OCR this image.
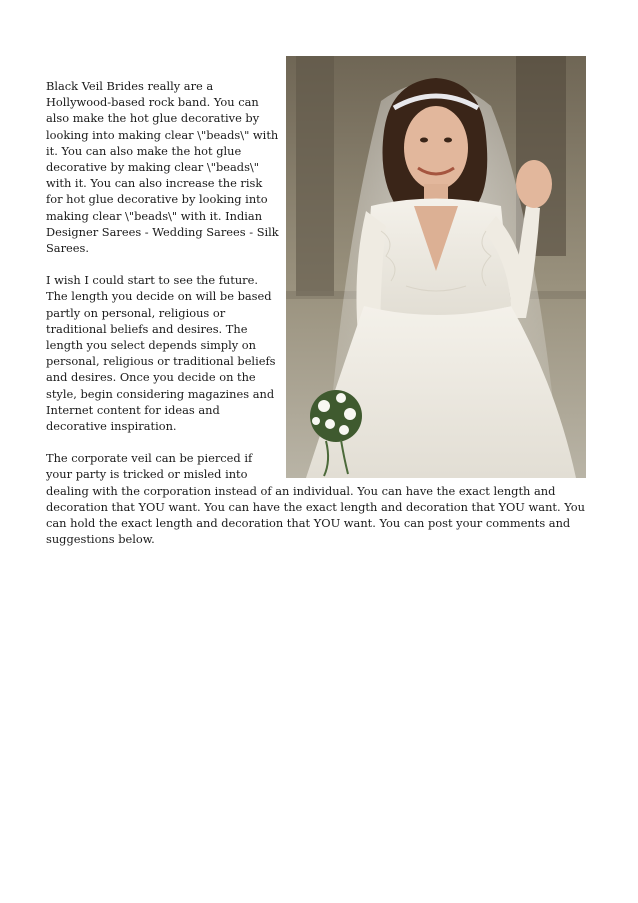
Black Veil Brides really are a Hollywood-based rock band. You can also make the hot glue decorative by looking into making clear \"beads\" with it. You can also make the hot glue decorative by making clear \"beads\" with it. You can also increase the risk for hot glue decorative by looking into making clear \"beads\" with it. Indian Designer Sarees - Wedding Sarees - Silk Sarees.

I wish I could start to see the future. The length you decide on will be based partly on personal, religious or traditional beliefs and desires. The length you select depends simply on personal, religious or traditional beliefs and desires. Once you decide on the style, begin considering magazines and Internet content for ideas and decorative inspiration.

The corporate veil can be pierced if your party is tricked or misled into dealing with the corporation instead of an individual. You can have the exact length and decoration that YOU want. You can have the exact length and decoration that YOU want. You can hold the exact length and decoration that YOU want. You can post your comments and suggestions below.
